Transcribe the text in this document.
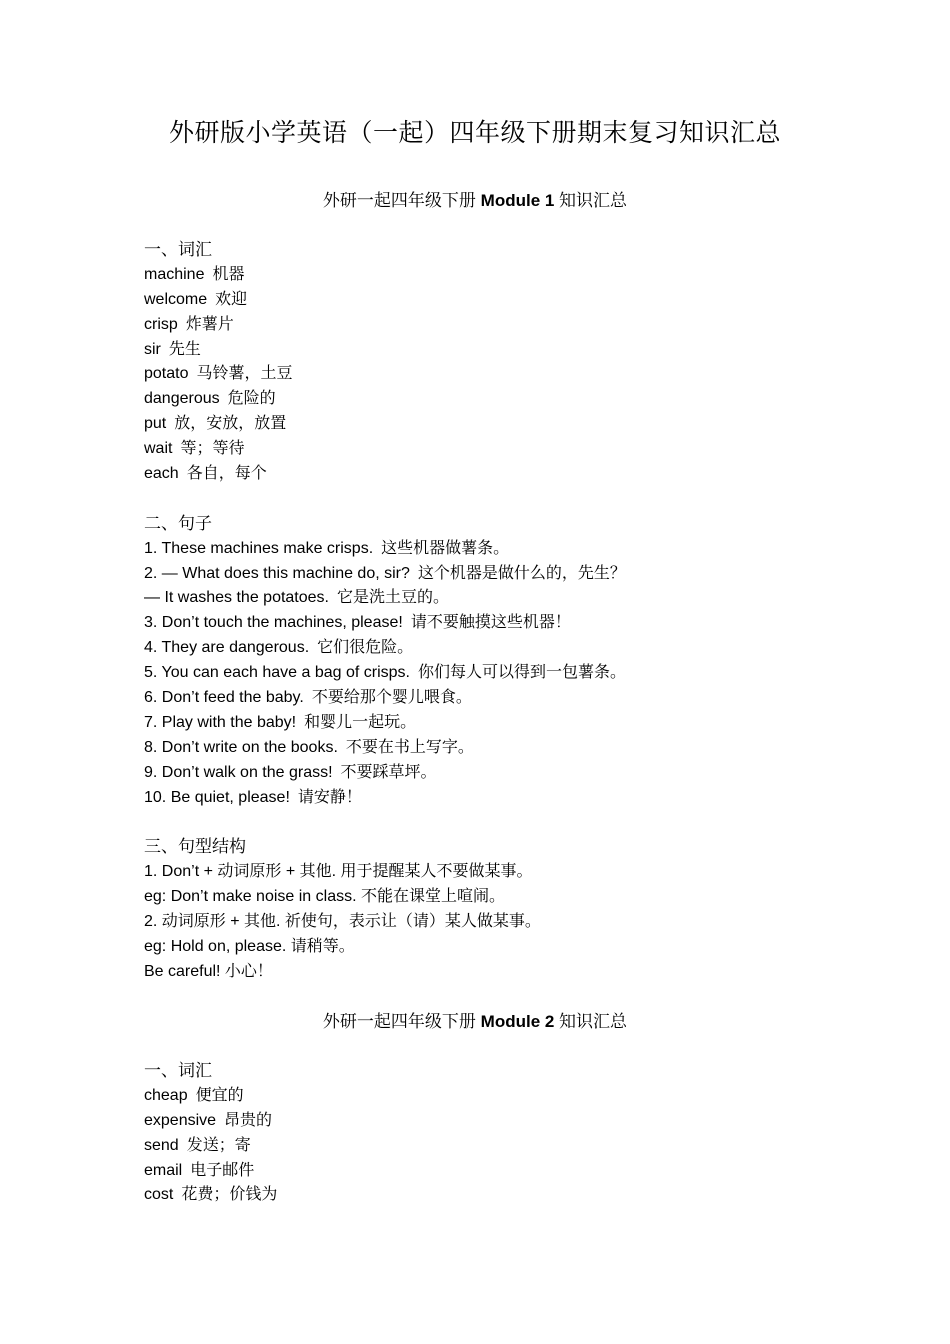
外研版小学英语（一起）四年级下册期末复习知识汇总
外研一起四年级下册 Module 1 知识汇总
一、词汇
machine 机器
welcome 欢迎
crisp 炸薯片
sir 先生
potato 马铃薯，土豆
dangerous 危险的
put 放，安放，放置
wait 等；等待
each 各自，每个
二、句子
1. These machines make crisps. 这些机器做薯条。
2. — What does this machine do, sir? 这个机器是做什么的，先生？
— It washes the potatoes. 它是洗土豆的。
3. Don’t touch the machines, please! 请不要触摸这些机器！
4. They are dangerous. 它们很危险。
5. You can each have a bag of crisps. 你们每人可以得到一包薯条。
6. Don’t feed the baby. 不要给那个婴儿喂食。
7. Play with the baby! 和婴儿一起玩。
8. Don’t write on the books. 不要在书上写字。
9. Don’t walk on the grass! 不要踩草坪。
10. Be quiet, please! 请安静！
三、句型结构
1. Don’t + 动词原形 + 其他. 用于提醒某人不要做某事。
eg: Don’t make noise in class. 不能在课堂上喧闹。
2. 动词原形 + 其他. 祈使句，表示让（请）某人做某事。
eg: Hold on, please. 请稍等。
Be careful! 小心！
外研一起四年级下册 Module 2 知识汇总
一、词汇
cheap 便宜的
expensive 昂贵的
send 发送；寄
email 电子邮件
cost 花费；价钱为
